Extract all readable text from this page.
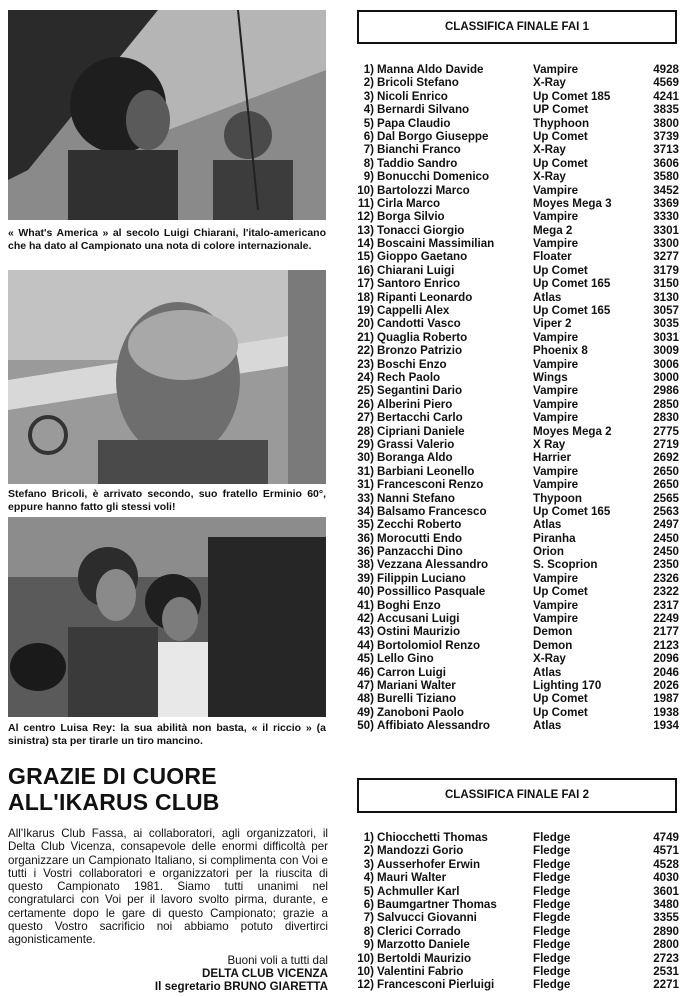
« What's America » al secolo Luigi Chiarani, l'italo-americano che ha dato al Campionato una nota di colore internazionale.
Stefano Bricoli, è arrivato secondo, suo fratello Erminio 60°, eppure hanno fatto gli stessi voli!
Al centro Luisa Rey: la sua abilità non basta, « il riccio » (a sinistra) sta per tirarle un tiro mancino.
GRAZIE DI CUORE
ALL'IKARUS CLUB
All'Ikarus Club Fassa, ai collaboratori, agli organizzatori, il Delta Club Vicenza, consapevole delle enormi difficoltà per organizzare un Campionato Italiano, si complimenta con Voi e tutti i Vostri collaboratori e organizzatori per la riuscita di questo Campionato 1981. Siamo tutti unanimi nel congratularci con Voi per il lavoro svolto pirma, durante, e certamente dopo le gare di questo Campionato; grazie a questo Vostro sacrificio noi abbiamo potuto divertirci agonisticamente.
Buoni voli a tutti dal
DELTA CLUB VICENZA
Il segretario BRUNO GIARETTA
CLASSIFICA FINALE FAI 1
1) Manna Aldo Davide	Vampire	4928
2) Bricoli Stefano	X-Ray	4569
3) Nicoli Enrico	Up Comet 185	4241
4) Bernardi Silvano	UP Comet	3835
5) Papa Claudio	Thyphoon	3800
6) Dal Borgo Giuseppe	Up Comet	3739
7) Bianchi Franco	X-Ray	3713
8) Taddio Sandro	Up Comet	3606
9) Bonucchi Domenico	X-Ray	3580
10) Bartolozzi Marco	Vampire	3452
11) Cirla Marco	Moyes Mega 3	3369
12) Borga Silvio	Vampire	3330
13) Tonacci Giorgio	Mega 2	3301
14) Boscaini Massimilian	Vampire	3300
15) Gioppo Gaetano	Floater	3277
16) Chiarani Luigi	Up Comet	3179
17) Santoro Enrico	Up Comet 165	3150
18) Ripanti Leonardo	Atlas	3130
19) Cappelli Alex	Up Comet 165	3057
20) Candotti Vasco	Viper 2	3035
21) Quaglia Roberto	Vampire	3031
22) Bronzo Patrizio	Phoenix 8	3009
23) Boschi Enzo	Vampire	3006
24) Rech Paolo	Wings	3000
25) Segantini Dario	Vampire	2986
26) Alberini Piero	Vampire	2850
27) Bertacchi Carlo	Vampire	2830
28) Cipriani Daniele	Moyes Mega 2	2775
29) Grassi Valerio	X Ray	2719
30) Boranga Aldo	Harrier	2692
31) Barbiani Leonello	Vampire	2650
31) Francesconi Renzo	Vampire	2650
33) Nanni Stefano	Thypoon	2565
34) Balsamo Francesco	Up Comet 165	2563
35) Zecchi Roberto	Atlas	2497
36) Morocutti Endo	Piranha	2450
36) Panzacchi Dino	Orion	2450
38) Vezzana Alessandro	S. Scoprion	2350
39) Filippin Luciano	Vampire	2326
40) Possillico Pasquale	Up Comet	2322
41) Boghi Enzo	Vampire	2317
42) Accusani Luigi	Vampire	2249
43) Ostini Maurizio	Demon	2177
44) Bortolomiol Renzo	Demon	2123
45) Lello Gino	X-Ray	2096
46) Carron Luigi	Atlas	2046
47) Mariani Walter	Lighting 170	2026
48) Burelli Tiziano	Up Comet	1987
49) Zanoboni Paolo	Up Comet	1938
50) Affibiato Alessandro	Atlas	1934
CLASSIFICA FINALE FAI 2
1) Chiocchetti Thomas	Fledge	4749
2) Mandozzi Gorio	Fledge	4571
3) Ausserhofer Erwin	Fledge	4528
4) Mauri Walter	Fledge	4030
5) Achmuller Karl	Fledge	3601
6) Baumgartner Thomas	Fledge	3480
7) Salvucci Giovanni	Flegde	3355
8) Clerici Corrado	Fledge	2890
9) Marzotto Daniele	Fledge	2800
10) Bertoldi Maurizio	Fledge	2723
10) Valentini Fabrio	Fledge	2531
12) Francesconi Pierluigi	Fledge	2271
